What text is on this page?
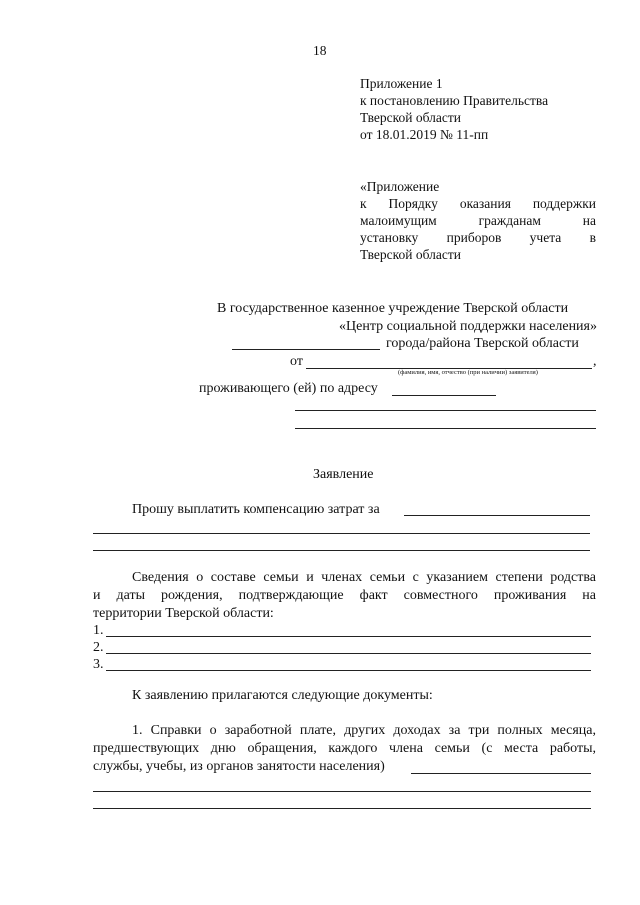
18
Приложение 1
к постановлению Правительства
Тверской области
от 18.01.2019 № 11-пп
«Приложение
к Порядку оказания поддержки
малоимущим гражданам на
установку приборов учета в
Тверской области
В государственное казенное учреждение Тверской области
«Центр социальной поддержки населения»
города/района Тверской области
от	,
(фамилия, имя, отчество (при наличии) заявителя)
проживающего (ей) по адресу
Заявление
Прошу выплатить компенсацию затрат за
Сведения о составе семьи и членах семьи с указанием степени родства
и даты рождения, подтверждающие факт совместного проживания на
территории Тверской области:
1.
2.
3.
К заявлению прилагаются следующие документы:
1. Справки о заработной плате, других доходах за три полных месяца,
предшествующих дню обращения, каждого члена семьи (с места работы,
службы, учебы, из органов занятости населения)
